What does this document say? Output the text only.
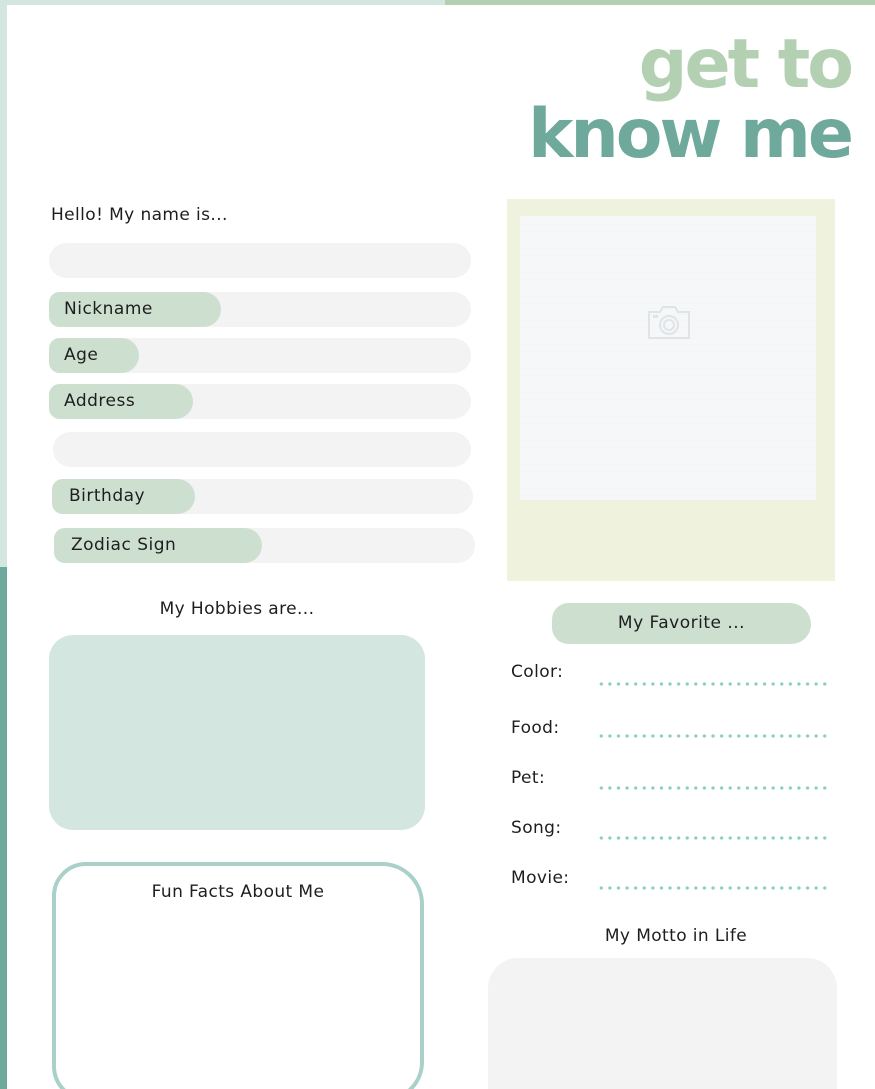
get to
know me
Hello! My name is...
Nickname
Age
Address
Birthday
Zodiac Sign
My Hobbies are...
Fun Facts About Me
My Favorite ...
Color:
Food:
Pet:
Song:
Movie:
My Motto in Life
